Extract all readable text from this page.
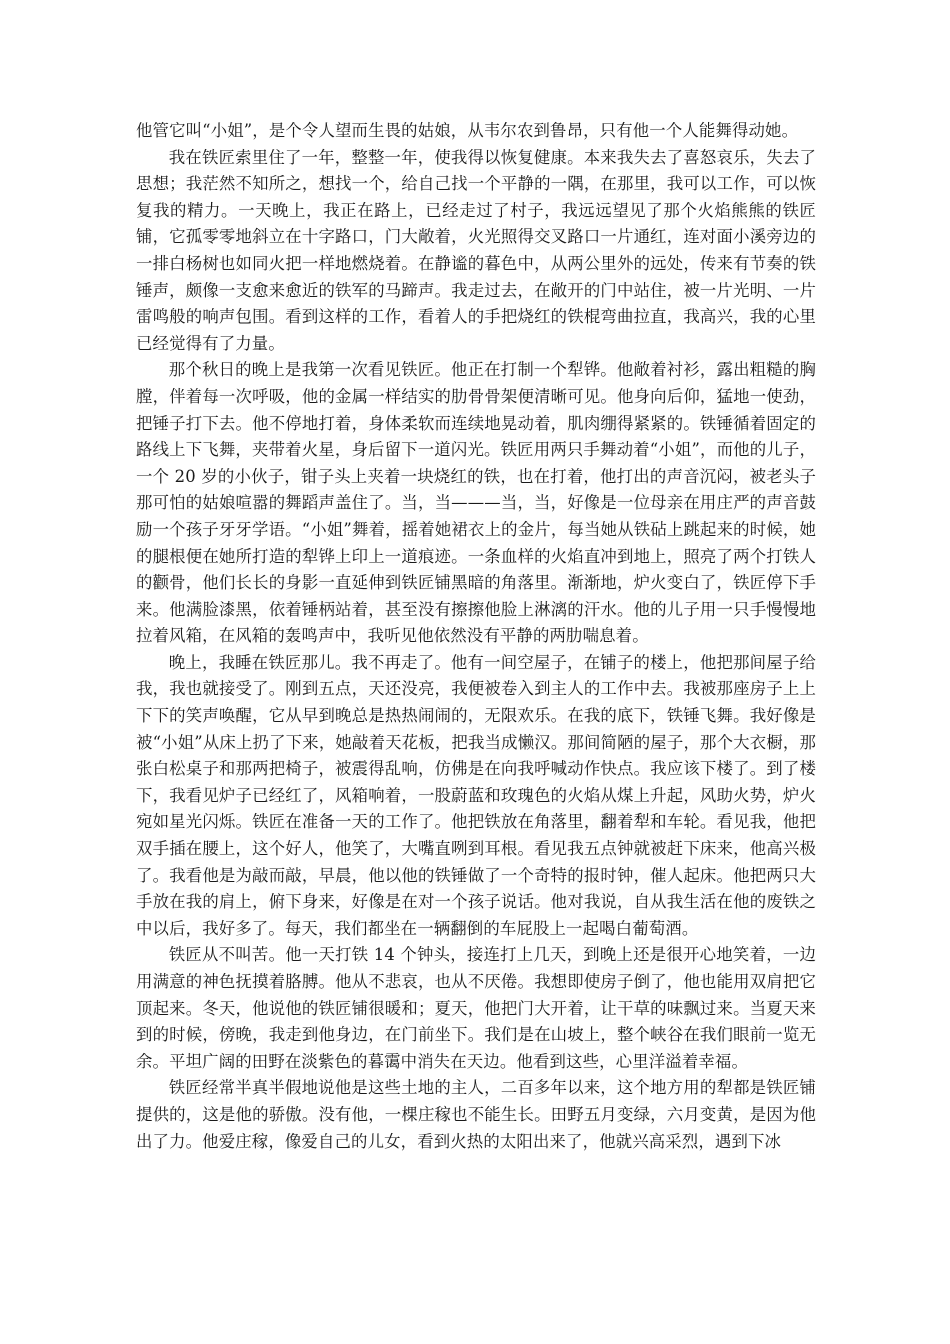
他管它叫“小姐”，是个令人望而生畏的姑娘，从韦尔农到鲁昂，只有他一个人能舞得动她。

我在铁匠索里住了一年，整整一年，使我得以恢复健康。本来我失去了喜怒哀乐，失去了思想；我茫然不知所之，想找一个，给自己找一个平静的一隅，在那里，我可以工作，可以恢复我的精力。一天晚上，我正在路上，已经走过了村子，我远远望见了那个火焰熊熊的铁匠铺，它孤零零地斜立在十字路口，门大敞着，火光照得交叉路口一片通红，连对面小溪旁边的一排白杨树也如同火把一样地燃烧着。在静谧的暮色中，从两公里外的远处，传来有节奏的铁锤声，颇像一支愈来愈近的铁军的马蹄声。我走过去，在敞开的门中站住，被一片光明、一片雷鸣般的响声包围。看到这样的工作，看着人的手把烧红的铁棍弯曲拉直，我高兴，我的心里已经觉得有了力量。

那个秋日的晚上是我第一次看见铁匠。他正在打制一个犁铧。他敞着衬衫，露出粗糙的胸膛，伴着每一次呼吸，他的金属一样结实的肋骨骨架便清晰可见。他身向后仰，猛地一使劲，把锤子打下去。他不停地打着，身体柔软而连续地晃动着，肌肉绷得紧紧的。铁锤循着固定的路线上下飞舞，夹带着火星，身后留下一道闪光。铁匠用两只手舞动着“小姐”，而他的儿子，一个 20 岁的小伙子，钳子头上夹着一块烧红的铁，也在打着，他打出的声音沉闷，被老头子那可怕的姑娘喧嚣的舞蹈声盖住了。当，当———当，当，好像是一位母亲在用庄严的声音鼓励一个孩子牙牙学语。“小姐”舞着，摇着她裙衣上的金片，每当她从铁砧上跳起来的时候，她的腿根便在她所打造的犁铧上印上一道痕迹。一条血样的火焰直冲到地上，照亮了两个打铁人的颧骨，他们长长的身影一直延伸到铁匠铺黑暗的角落里。渐渐地，炉火变白了，铁匠停下手来。他满脸漆黑，依着锤柄站着，甚至没有擦擦他脸上淋漓的汗水。他的儿子用一只手慢慢地拉着风箱，在风箱的轰鸣声中，我听见他依然没有平静的两肋喘息着。

晚上，我睡在铁匠那儿。我不再走了。他有一间空屋子，在铺子的楼上，他把那间屋子给我，我也就接受了。刚到五点，天还没亮，我便被卷入到主人的工作中去。我被那座房子上上下下的笑声唤醒，它从早到晚总是热热闹闹的，无限欢乐。在我的底下，铁锤飞舞。我好像是被“小姐”从床上扔了下来，她敲着天花板，把我当成懒汉。那间简陋的屋子，那个大衣橱，那张白松桌子和那两把椅子，被震得乱响，仿佛是在向我呼喊动作快点。我应该下楼了。到了楼下，我看见炉子已经红了，风箱响着，一股蔚蓝和玫瑰色的火焰从煤上升起，风助火势，炉火宛如星光闪烁。铁匠在准备一天的工作了。他把铁放在角落里，翻着犁和车轮。看见我，他把双手插在腰上，这个好人，他笑了，大嘴直咧到耳根。看见我五点钟就被赶下床来，他高兴极了。我看他是为敲而敲，早晨，他以他的铁锤做了一个奇特的报时钟，催人起床。他把两只大手放在我的肩上，俯下身来，好像是在对一个孩子说话。他对我说，自从我生活在他的废铁之中以后，我好多了。每天，我们都坐在一辆翻倒的车屁股上一起喝白葡萄酒。

铁匠从不叫苦。他一天打铁 14 个钟头，接连打上几天，到晚上还是很开心地笑着，一边用满意的神色抚摸着胳膊。他从不悲哀，也从不厌倦。我想即使房子倒了，他也能用双肩把它顶起来。冬天，他说他的铁匠铺很暖和；夏天，他把门大开着，让干草的味飘过来。当夏天来到的时候，傍晚，我走到他身边，在门前坐下。我们是在山坡上，整个峡谷在我们眼前一览无余。平坦广阔的田野在淡紫色的暮霭中消失在天边。他看到这些，心里洋溢着幸福。

铁匠经常半真半假地说他是这些土地的主人，二百多年以来，这个地方用的犁都是铁匠铺提供的，这是他的骄傲。没有他，一棵庄稼也不能生长。田野五月变绿，六月变黄，是因为他出了力。他爱庄稼，像爱自己的儿女，看到火热的太阳出来了，他就兴高采烈，遇到下冰
